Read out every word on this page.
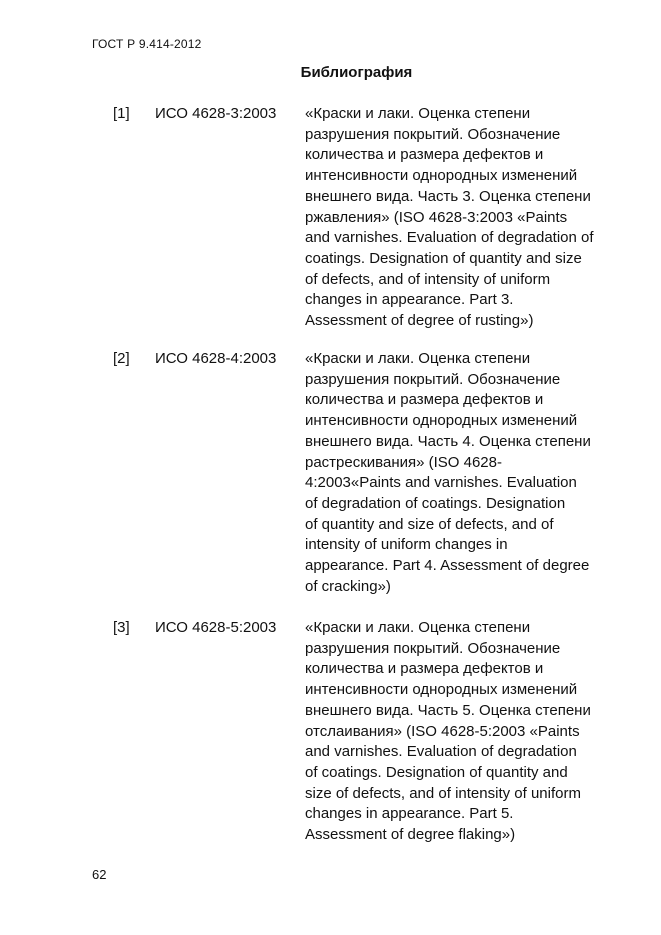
ГОСТ Р 9.414-2012
Библиография
[1] ИСО 4628-3:2003 «Краски и лаки. Оценка степени
разрушения покрытий. Обозначение
количества и размера дефектов и
интенсивности однородных изменений
внешнего вида. Часть 3. Оценка степени
ржавления» (ISO 4628-3:2003 «Paints
and varnishes. Evaluation of degradation of
coatings. Designation of quantity and size
of defects, and of intensity of uniform
changes in appearance. Part 3.
Assessment of degree of rusting»)
[2] ИСО 4628-4:2003 «Краски и лаки. Оценка степени
разрушения покрытий. Обозначение
количества и размера дефектов и
интенсивности однородных изменений
внешнего вида. Часть 4. Оценка степени
растрескивания» (ISO 4628-
4:2003«Paints and varnishes. Evaluation
of degradation of coatings. Designation
of quantity and size of defects, and of
intensity of uniform changes in
appearance. Part 4. Assessment of degree
of cracking»)
[3] ИСО 4628-5:2003 «Краски и лаки. Оценка степени
разрушения покрытий. Обозначение
количества и размера дефектов и
интенсивности однородных изменений
внешнего вида. Часть 5. Оценка степени
отслаивания» (ISO 4628-5:2003 «Paints
and varnishes. Evaluation of degradation
of coatings. Designation of quantity and
size of defects, and of intensity of uniform
changes in appearance. Part 5.
Assessment of degree flaking»)
62
